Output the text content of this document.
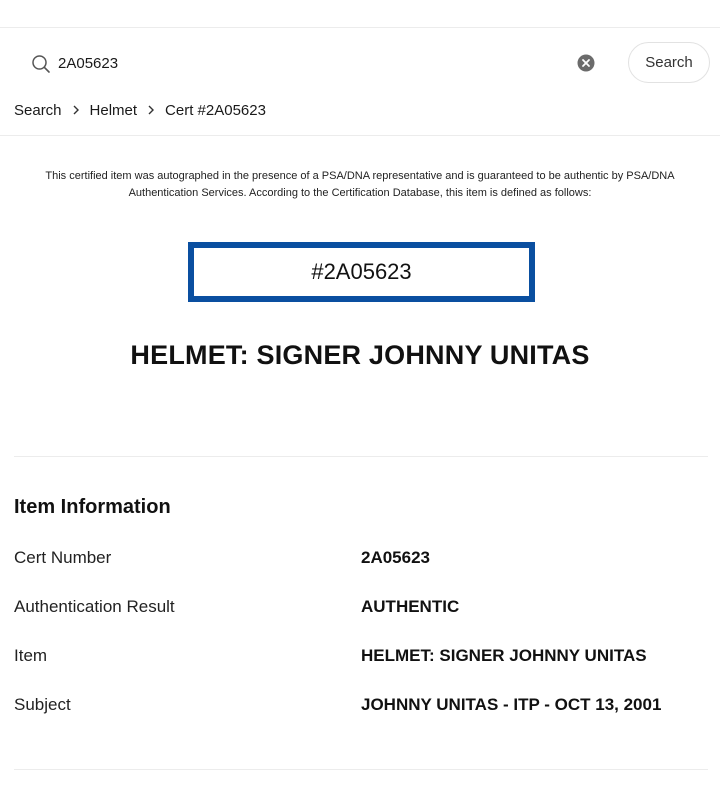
2A05623
Search
Search Helmet Cert #2A05623

This certified item was autographed in the presence of a PSA/DNA representative and is guaranteed to be authentic by PSA/DNA Authentication Services. According to the Certification Database, this item is defined as follows:

#2A05623
HELMET: SIGNER JOHNNY UNITAS
Item Information
Cert Number	2A05623
Authentication Result	AUTHENTIC
Item	HELMET: SIGNER JOHNNY UNITAS
Subject	JOHNNY UNITAS - ITP - OCT 13, 2001
